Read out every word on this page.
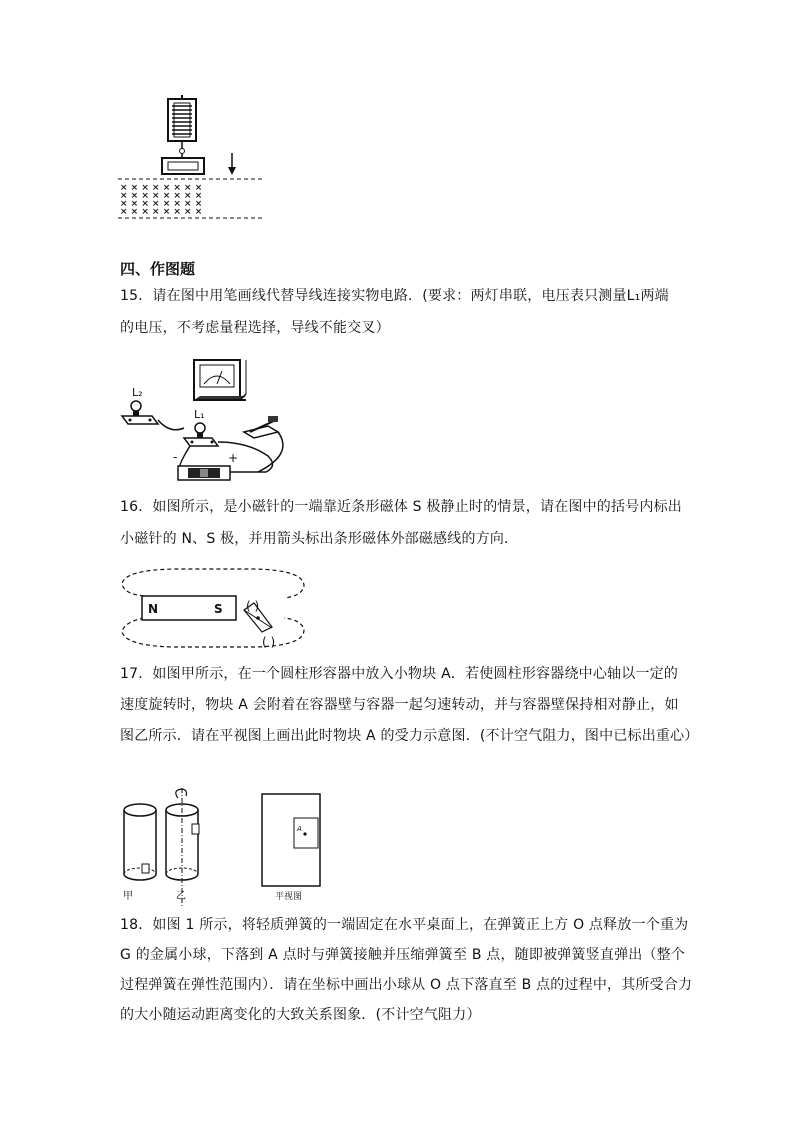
× × × × × × × ×
× × × × × × × ×
× × × × × × × ×
× × × × × × × ×
四、作图题
15．请在图中用笔画线代替导线连接实物电路．(要求：两灯串联，电压表只测量L₁两端
的电压，不考虑量程选择，导线不能交叉）
L₂
L₁
-	+
16．如图所示，是小磁针的一端靠近条形磁体 S 极静止时的情景，请在图中的括号内标出
小磁针的 N、S 极，并用箭头标出条形磁体外部磁感线的方向．
N	S ( )
( )
17．如图甲所示，在一个圆柱形容器中放入小物块 A．若使圆柱形容器绕中心轴以一定的
速度旋转时，物块 A 会附着在容器壁与容器一起匀速转动，并与容器壁保持相对静止，如
图乙所示．请在平视图上画出此时物块 A 的受力示意图．(不计空气阻力，图中已标出重心）
甲	乙
A
平视图
18．如图 1 所示，将轻质弹簧的一端固定在水平桌面上，在弹簧正上方 O 点释放一个重为
G 的金属小球，下落到 A 点时与弹簧接触并压缩弹簧至 B 点，随即被弹簧竖直弹出（整个
过程弹簧在弹性范围内）．请在坐标中画出小球从 O 点下落直至 B 点的过程中，其所受合力
的大小随运动距离变化的大致关系图象．(不计空气阻力）
